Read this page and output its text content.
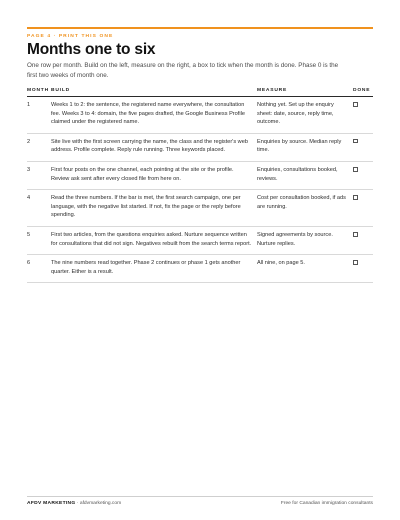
PAGE 4 · PRINT THIS ONE
Months one to six
One row per month. Build on the left, measure on the right, a box to tick when the month is done. Phase 0 is the first two weeks of month one.
MONTH	BUILD	MEASURE	DONE
1	Weeks 1 to 2: the sentence, the registered name everywhere, the consultation fee. Weeks 3 to 4: domain, the five pages drafted, the Google Business Profile claimed under the registered name.	Nothing yet. Set up the enquiry sheet: date, source, reply time, outcome.	
2	Site live with the first screen carrying the name, the class and the register's web address. Profile complete. Reply rule running. Three keywords placed.	Enquiries by source. Median reply time.	
3	First four posts on the one channel, each pointing at the site or the profile. Review ask sent after every closed file from here on.	Enquiries, consultations booked, reviews.	
4	Read the three numbers. If the bar is met, the first search campaign, one per language, with the negative list started. If not, fix the page or the reply before spending.	Cost per consultation booked, if ads are running.	
5	First two articles, from the questions enquiries asked. Nurture sequence written for consultations that did not sign. Negatives rebuilt from the search terms report.	Signed agreements by source. Nurture replies.	
6	The nine numbers read together. Phase 2 continues or phase 1 gets another quarter. Either is a result.	All nine, on page 5.	
AFDV MARKETING · afdvmarketing.com	Free for Canadian immigration consultants
